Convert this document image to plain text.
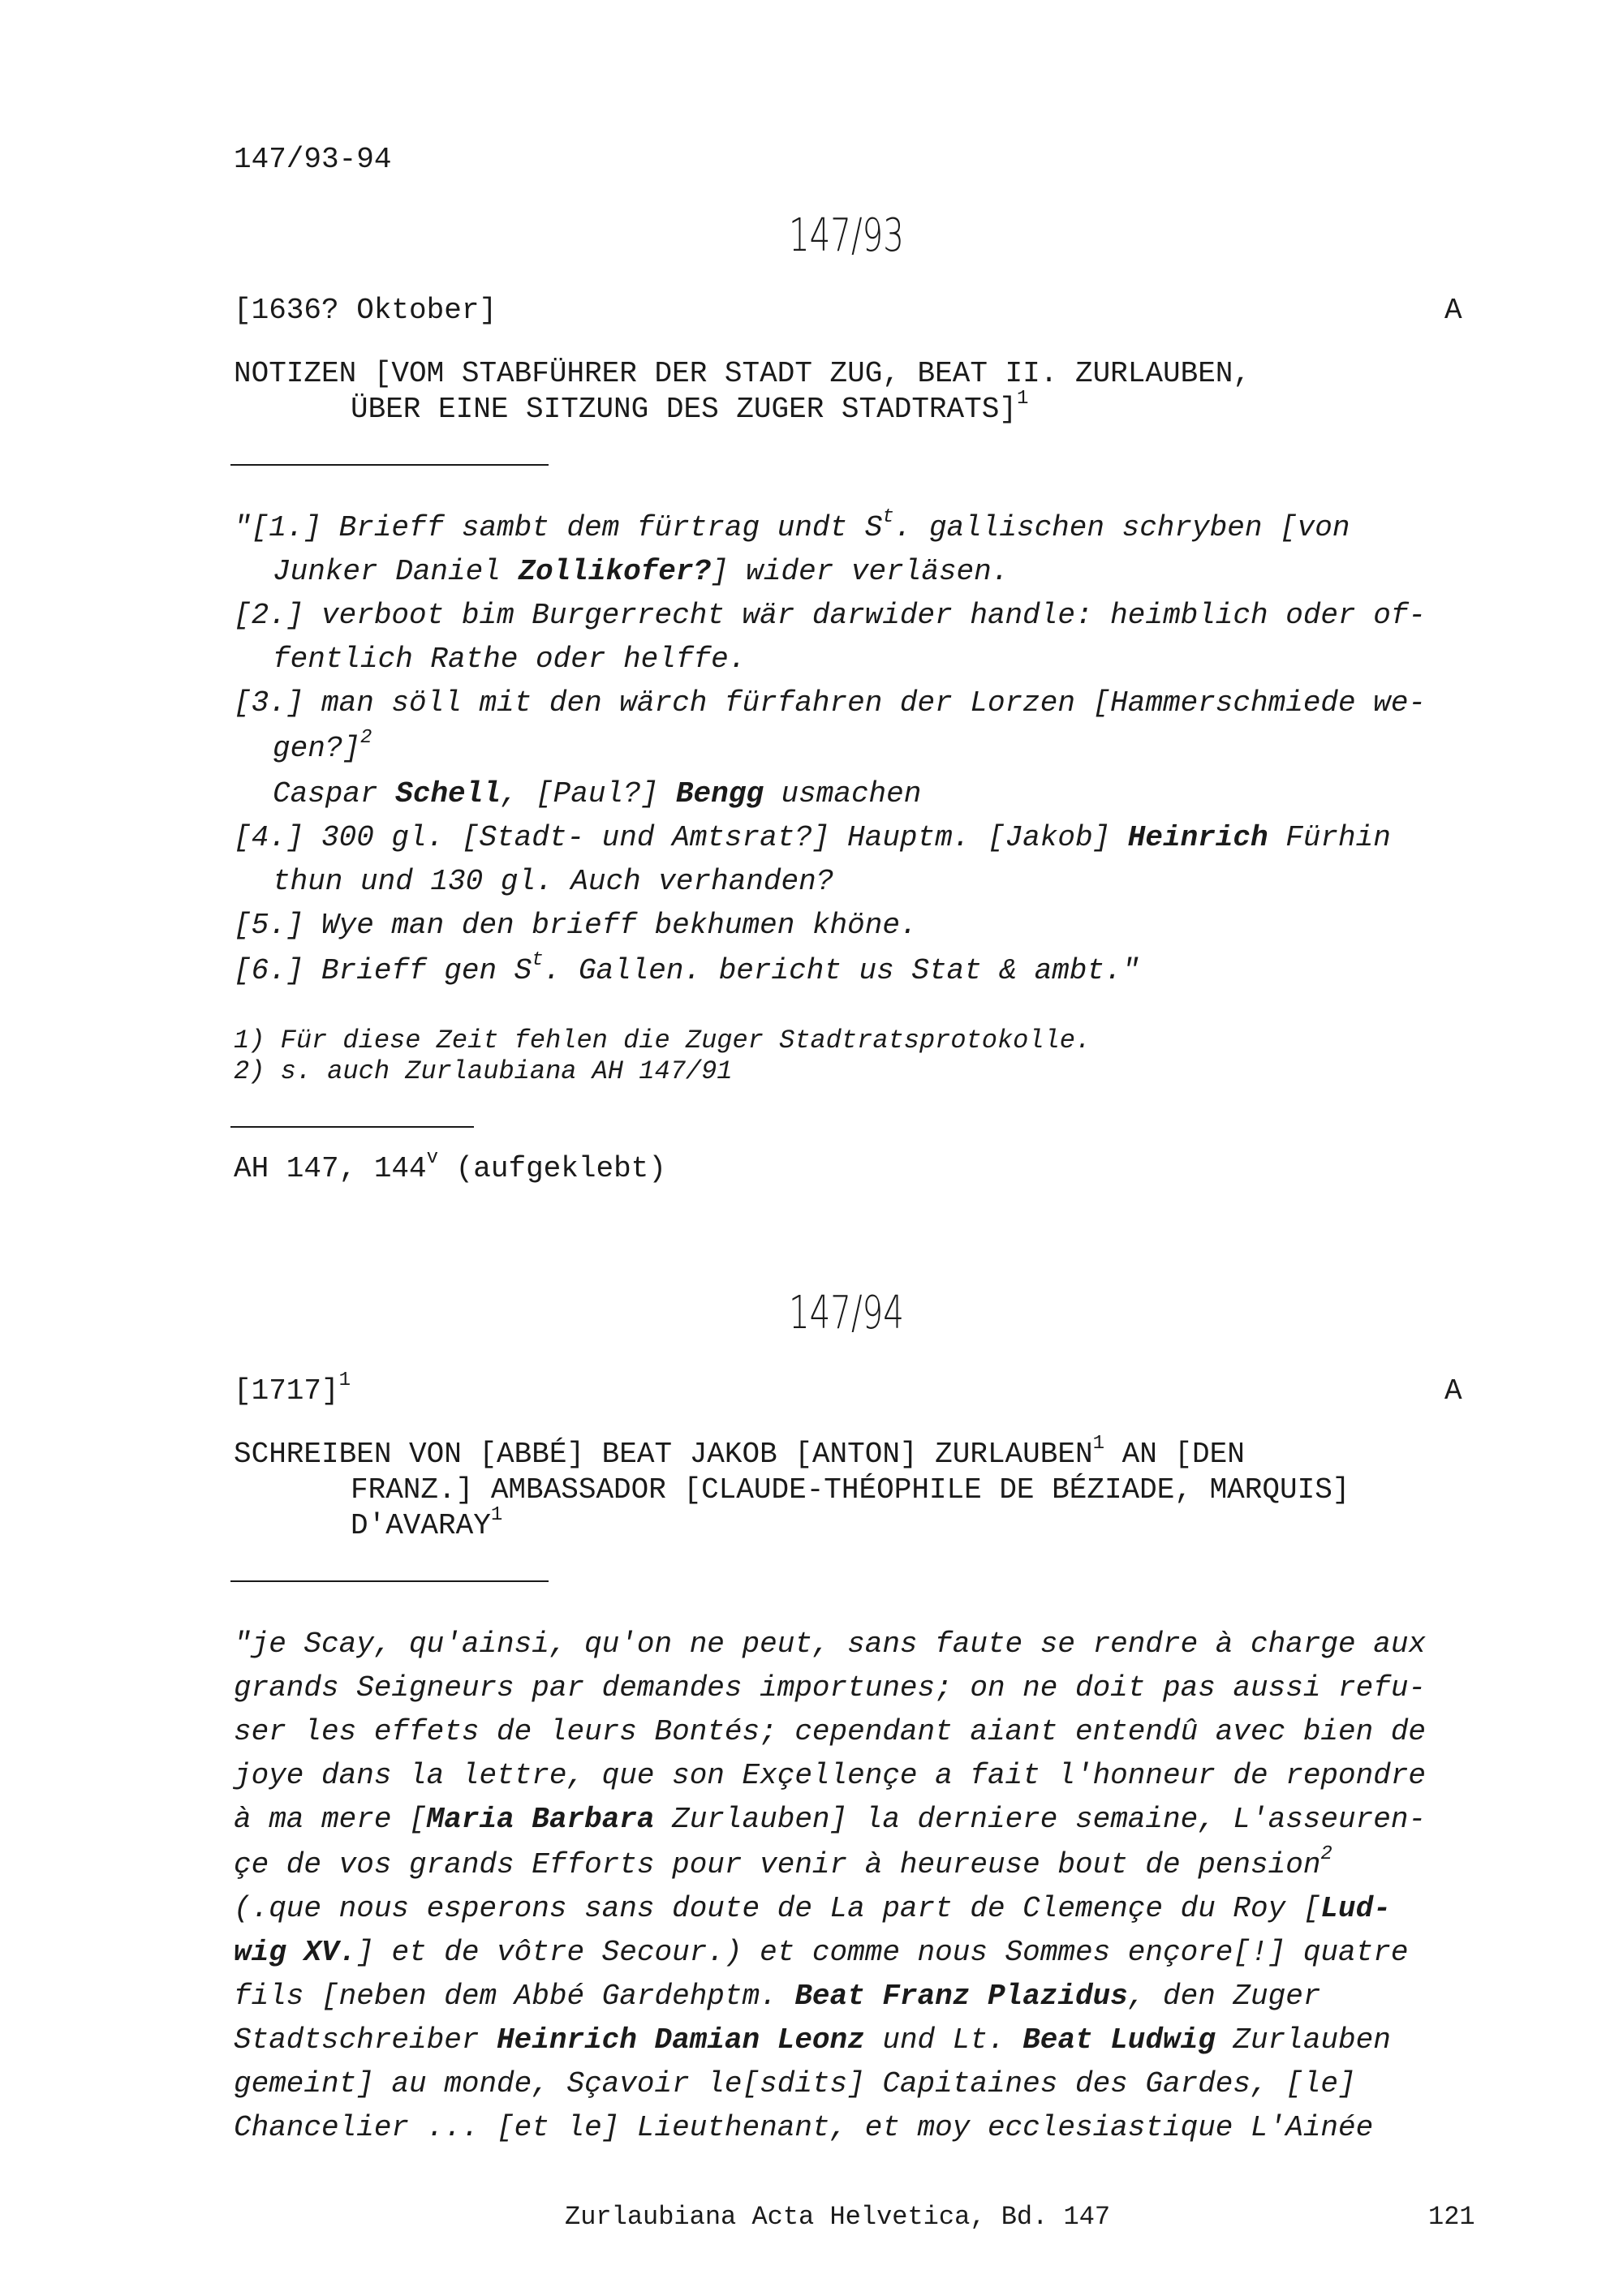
147/93-94
147/93
[1636? Oktober]	A
NOTIZEN [VOM STABFÜHRER DER STADT ZUG, BEAT II. ZURLAUBEN,
ÜBER EINE SITZUNG DES ZUGER STADTRATS]$^1$
"[1.] Brieff sambt dem fürtrag undt $S^t$. gallischen schryben [von
Junker Daniel Zollikofer?] wider verläsen.
[2.] verboot bim Burgerrecht wär darwider handle: heimblich oder of-
fentlich Rathe oder helffe.
[3.] man söll mit den wärch fürfahren der Lorzen [Hammerschmiede we-
gen?]$^2$
Caspar Schell, [Paul?] Bengg usmachen
[4.] 300 gl. [Stadt- und Amtsrat?] Hauptm. [Jakob] Heinrich Fürhin
thun und 130 gl. Auch verhanden?
[5.] Wye man den brieff bekhumen khöne.
[6.] Brieff gen $S^t$. Gallen. bericht us Stat & ambt."
1) Für diese Zeit fehlen die Zuger Stadtratsprotokolle.
2) s. auch Zurlaubiana AH 147/91
AH 147, 144$^v$ (aufgeklebt)
147/94
$[1717]^1$	A
SCHREIBEN VON [ABBÉ] BEAT JAKOB [ANTON] ZURLAUBEN$^1$ AN [DEN
FRANZ.] AMBASSADOR [CLAUDE-THÉOPHILE DE BÉZIADE, MARQUIS]
D'AVARAY$^1$
"je Scay, qu'ainsi, qu'on ne peut, sans faute se rendre à charge aux
grands Seigneurs par demandes importunes; on ne doit pas aussi refu-
ser les effets de leurs Bontés; cependant aiant entendû avec bien de
joye dans la lettre, que son Exçellençe a fait l'honneur de repondre
à ma mere [Maria Barbara Zurlauben] la derniere semaine, L'asseuren-
çe de vos grands Efforts pour venir à heureuse bout de pension$^2$
(.que nous esperons sans doute de La part de Clemençe du Roy [Lud-
wig XV.] et de vôtre Secour.) et comme nous Sommes ençore[!] quatre
fils [neben dem Abbé Gardehptm. Beat Franz Plazidus, den Zuger
Stadtschreiber Heinrich Damian Leonz und Lt. Beat Ludwig Zurlauben
gemeint] au monde, Sçavoir le[sdits] Capitaines des Gardes, [le]
Chancelier ... [et le] Lieuthenant, et moy ecclesiastique L'Ainée
Zurlaubiana Acta Helvetica, Bd. 147	121
